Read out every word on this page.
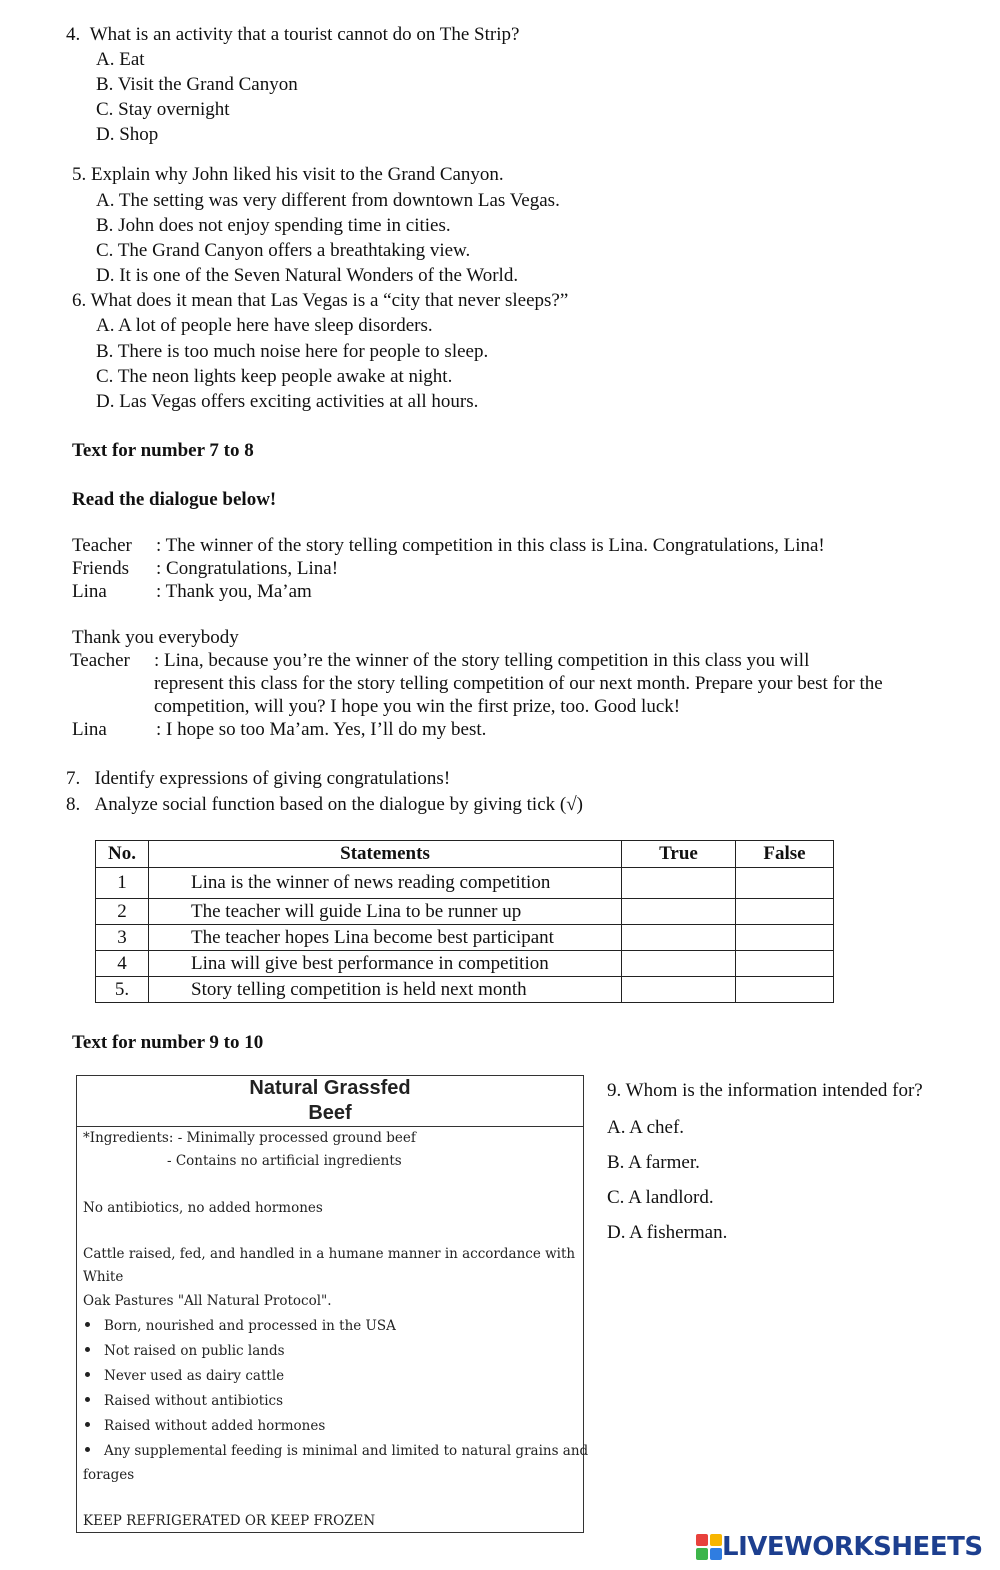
4.  What is an activity that a tourist cannot do on The Strip?
A. Eat
B. Visit the Grand Canyon
C. Stay overnight
D. Shop
5. Explain why John liked his visit to the Grand Canyon.
A. The setting was very different from downtown Las Vegas.
B. John does not enjoy spending time in cities.
C. The Grand Canyon offers a breathtaking view.
D. It is one of the Seven Natural Wonders of the World.
6. What does it mean that Las Vegas is a “city that never sleeps?”
A. A lot of people here have sleep disorders.
B. There is too much noise here for people to sleep.
C. The neon lights keep people awake at night.
D. Las Vegas offers exciting activities at all hours.
Text for number 7 to 8
Read the dialogue below!
Teacher : The winner of the story telling competition in this class is Lina. Congratulations, Lina!
Friends : Congratulations, Lina!
Lina	: Thank you, Ma’am
Thank you everybody
Teacher : Lina, because you’re the winner of the story telling competition in this class you will
represent this class for the story telling competition of our next month. Prepare your best for the
competition, will you? I hope you win the first prize, too. Good luck!
Lina	: I hope so too Ma’am. Yes, I’ll do my best.
7.   Identify expressions of giving congratulations!
8.   Analyze social function based on the dialogue by giving tick (√)
No.	Statements	True	False
1	Lina is the winner of news reading competition		
2	The teacher will guide Lina to be runner up		
3	The teacher hopes Lina become best participant		
4	Lina will give best performance in competition		
5.	Story telling competition is held next month		
Text for number 9 to 10
Natural Grassfed
Beef
*Ingredients: - Minimally processed ground beef
- Contains no artificial ingredients
No antibiotics, no added hormones
Cattle raised, fed, and handled in a humane manner in accordance with
White
Oak Pastures "All Natural Protocol".
Born, nourished and processed in the USA
Not raised on public lands
Never used as dairy cattle
Raised without antibiotics
Raised without added hormones
Any supplemental feeding is minimal and limited to natural grains and
forages
KEEP REFRIGERATED OR KEEP FROZEN
9. Whom is the information intended for?
A. A chef.
B. A farmer.
C. A landlord.
D. A fisherman.
LIVEWORKSHEETS
